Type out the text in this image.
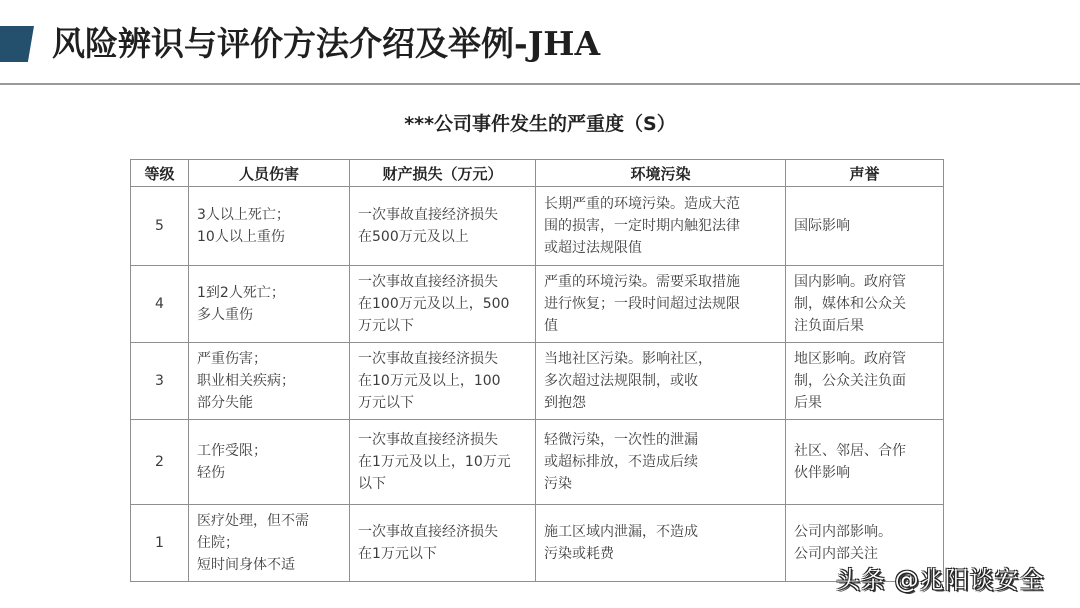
风险辨识与评价方法介绍及举例-JHA
***公司事件发生的严重度（S）
等级	人员伤害	财产损失（万元）	环境污染	声誉
5	3人以上死亡；
10人以上重伤	一次事故直接经济损失
在500万元及以上	长期严重的环境污染。造成大范
围的损害，一定时期内触犯法律
或超过法规限值	国际影响

4	1到2人死亡；
多人重伤	一次事故直接经济损失
在100万元及以上，500
万元以下	严重的环境污染。需要采取措施
进行恢复；一段时间超过法规限
值	国内影响。政府管
制，媒体和公众关
注负面后果

3	严重伤害；
职业相关疾病；
部分失能	一次事故直接经济损失
在10万元及以上，100
万元以下	当地社区污染。影响社区，
多次超过法规限制，或收
到抱怨	地区影响。政府管
制，公众关注负面
后果

2	工作受限；
轻伤	一次事故直接经济损失
在1万元及以上，10万元
以下	轻微污染，一次性的泄漏
或超标排放，不造成后续
污染	社区、邻居、合作
伙伴影响

1	医疗处理，但不需
住院；
短时间身体不适	一次事故直接经济损失
在1万元以下	施工区域内泄漏，不造成
污染或耗费	公司内部影响。
公司内部关注
头条 @兆阳谈安全
